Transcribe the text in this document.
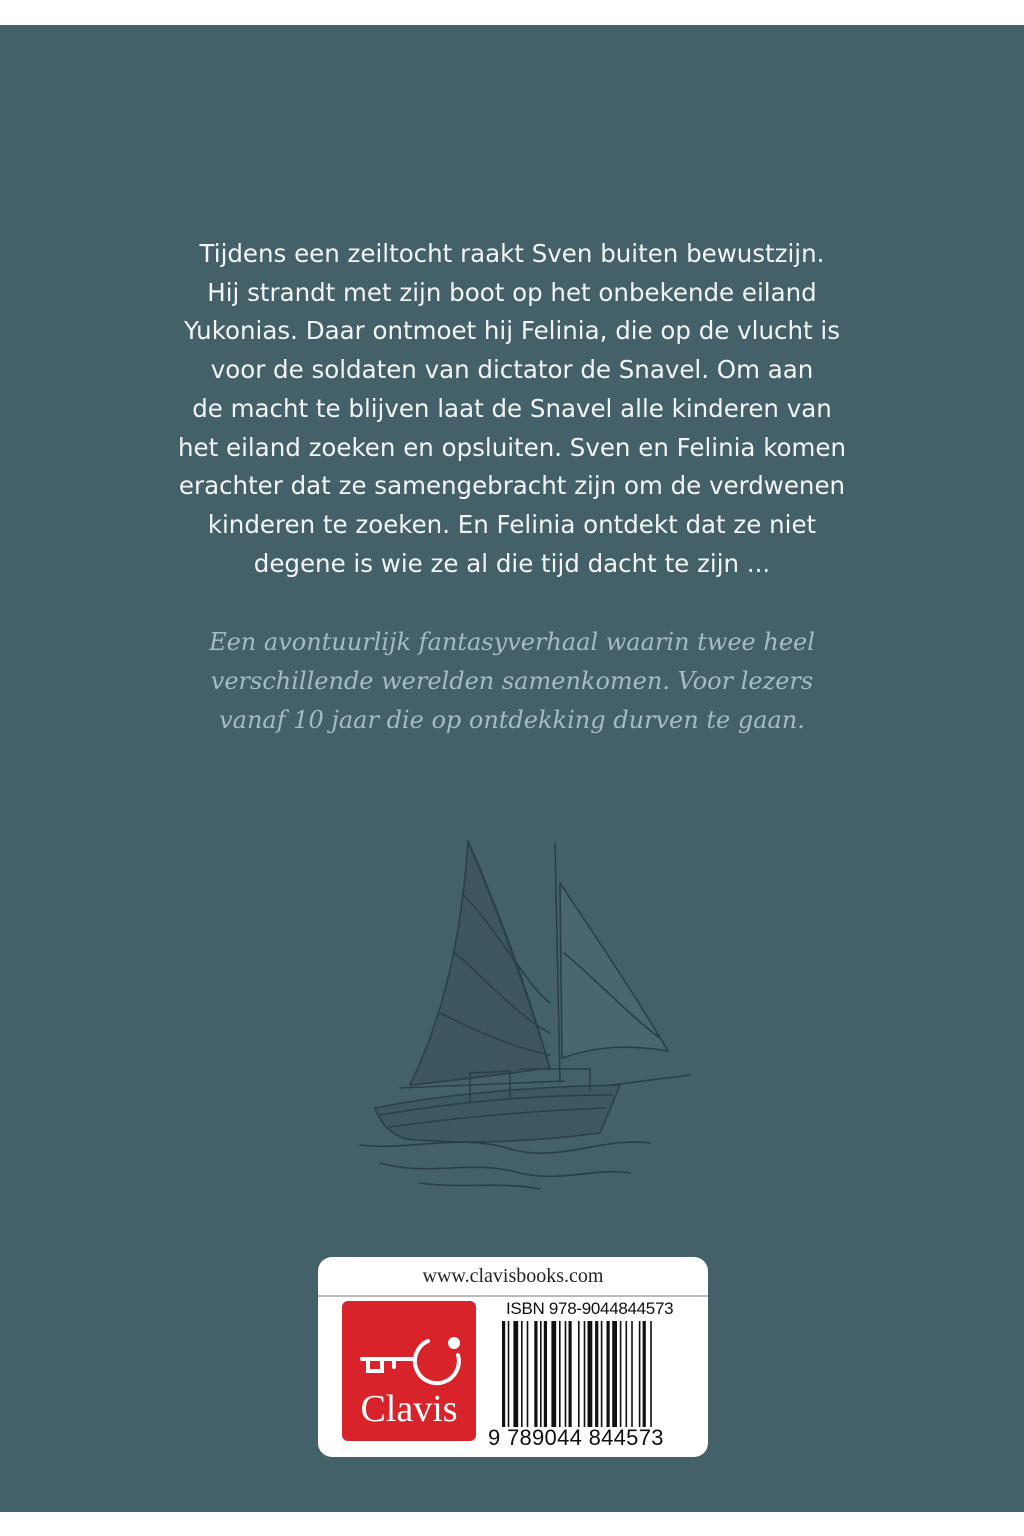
Tijdens een zeiltocht raakt Sven buiten bewustzijn.
Hij strandt met zijn boot op het onbekende eiland
Yukonias. Daar ontmoet hij Felinia, die op de vlucht is
voor de soldaten van dictator de Snavel. Om aan
de macht te blijven laat de Snavel alle kinderen van
het eiland zoeken en opsluiten. Sven en Felinia komen
erachter dat ze samengebracht zijn om de verdwenen
kinderen te zoeken. En Felinia ontdekt dat ze niet
degene is wie ze al die tijd dacht te zijn ...

Een avontuurlijk fantasyverhaal waarin twee heel
verschillende werelden samenkomen. Voor lezers
vanaf 10 jaar die op ontdekking durven te gaan.

www.clavisbooks.com
Clavis
ISBN 978-9044844573
9 789044 844573
